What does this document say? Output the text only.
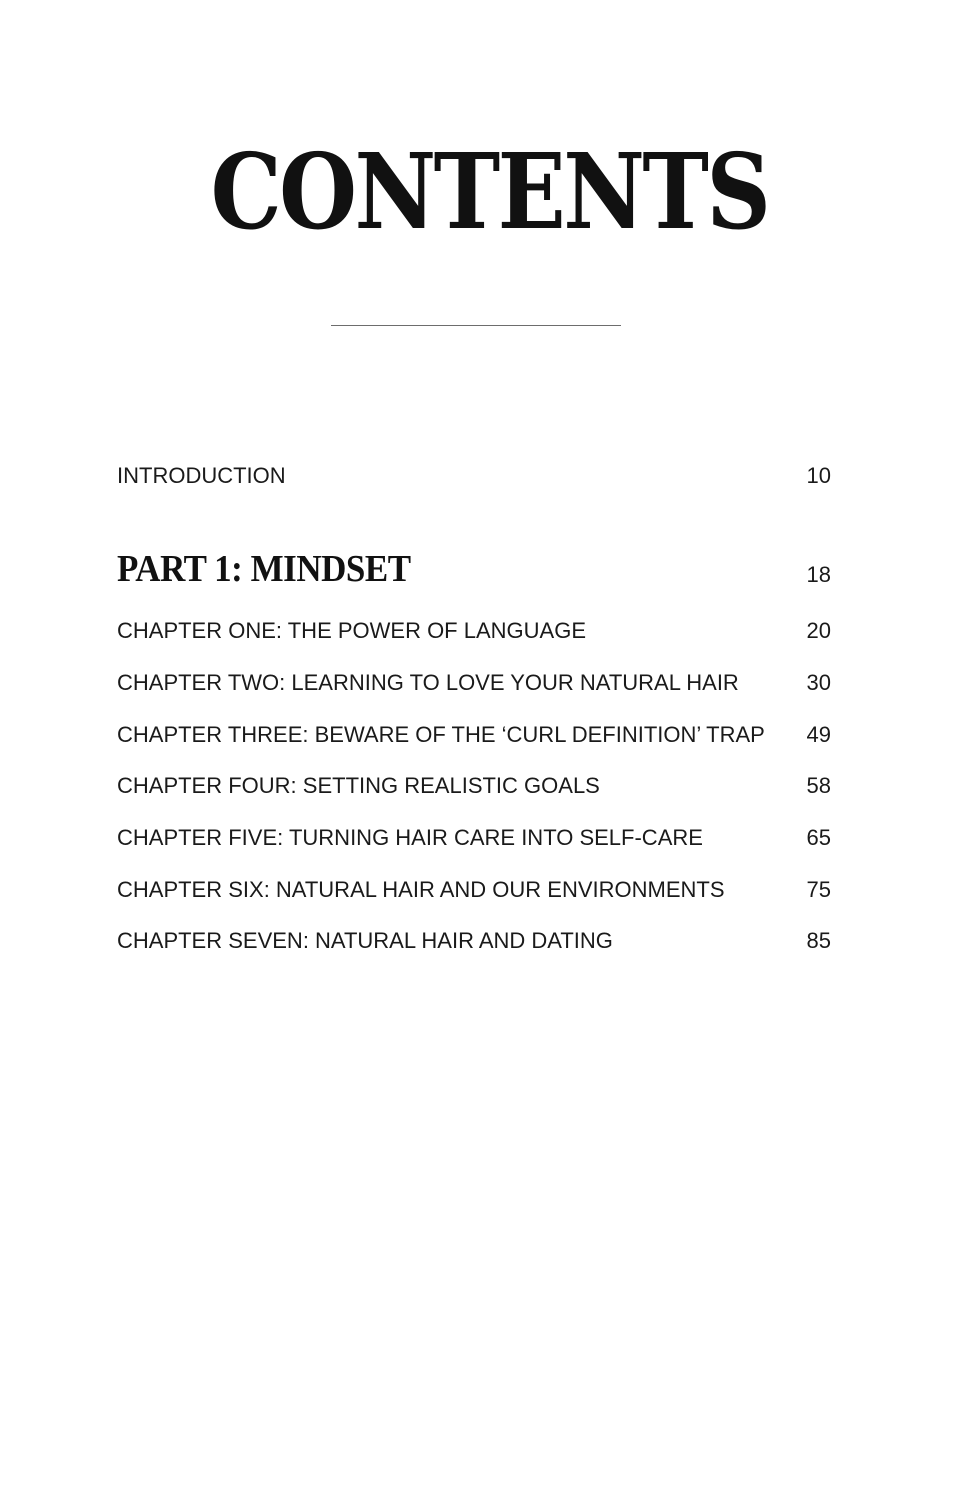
CONTENTS
INTRODUCTION	10
PART 1: MINDSET	18
CHAPTER ONE: THE POWER OF LANGUAGE	20
CHAPTER TWO: LEARNING TO LOVE YOUR NATURAL HAIR	30
CHAPTER THREE: BEWARE OF THE ‘CURL DEFINITION’ TRAP 49
CHAPTER FOUR: SETTING REALISTIC GOALS	58
CHAPTER FIVE: TURNING HAIR CARE INTO SELF-CARE	65
CHAPTER SIX: NATURAL HAIR AND OUR ENVIRONMENTS	75
CHAPTER SEVEN: NATURAL HAIR AND DATING	85
